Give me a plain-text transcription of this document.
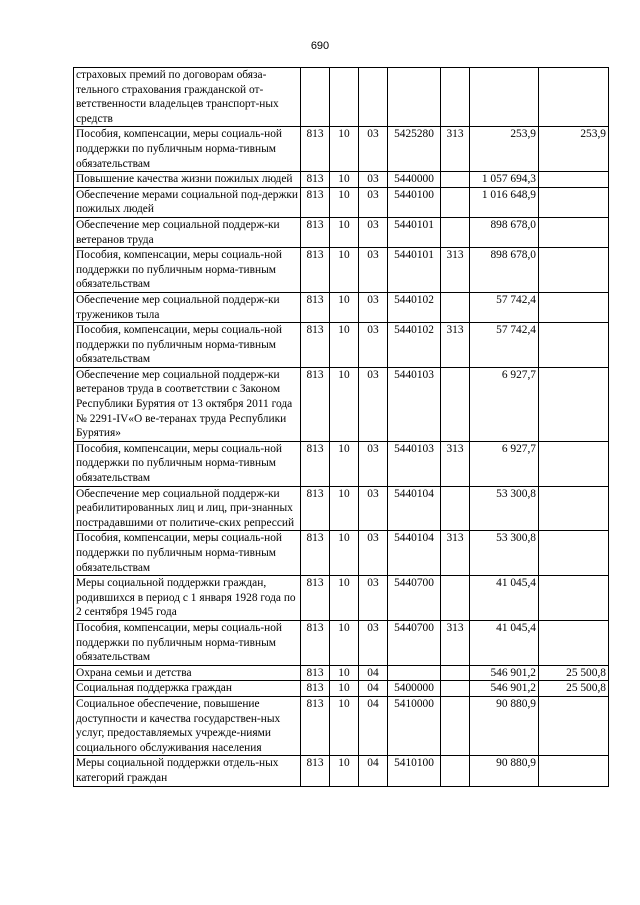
690
страховых премий по договорам обяза-тельного страхования гражданской от-ветственности владельцев транспорт-ных средств							
Пособия, компенсации, меры социаль-ной поддержки по публичным норма-тивным обязательствам	813	10	03	5425280	313	253,9	253,9
Повышение качества жизни пожилых людей	813	10	03	5440000		1 057 694,3	
Обеспечение мерами социальной под-держки пожилых людей	813	10	03	5440100		1 016 648,9	
Обеспечение мер социальной поддерж-ки ветеранов труда	813	10	03	5440101		898 678,0	
Пособия, компенсации, меры социаль-ной поддержки по публичным норма-тивным обязательствам	813	10	03	5440101	313	898 678,0	
Обеспечение мер социальной поддерж-ки тружеников тыла	813	10	03	5440102		57 742,4	
Пособия, компенсации, меры социаль-ной поддержки по публичным норма-тивным обязательствам	813	10	03	5440102	313	57 742,4	
Обеспечение мер социальной поддерж-ки ветеранов труда в соответствии с Законом Республики Бурятия от 13 октября 2011 года № 2291-IV«О ве-теранах труда Республики Бурятия»	813	10	03	5440103		6 927,7	
Пособия, компенсации, меры социаль-ной поддержки по публичным норма-тивным обязательствам	813	10	03	5440103	313	6 927,7	
Обеспечение мер социальной поддерж-ки реабилитированных лиц и лиц, при-знанных пострадавшими от политиче-ских репрессий	813	10	03	5440104		53 300,8	
Пособия, компенсации, меры социаль-ной поддержки по публичным норма-тивным обязательствам	813	10	03	5440104	313	53 300,8	
Меры социальной поддержки граждан, родившихся в период с 1 января 1928 года по 2 сентября 1945 года	813	10	03	5440700		41 045,4	
Пособия, компенсации, меры социаль-ной поддержки по публичным норма-тивным обязательствам	813	10	03	5440700	313	41 045,4	
Охрана семьи и детства	813	10	04			546 901,2	25 500,8
Социальная поддержка граждан	813	10	04	5400000		546 901,2	25 500,8
Социальное обеспечение, повышение доступности и качества государствен-ных услуг, предоставляемых учрежде-ниями социального обслуживания населения	813	10	04	5410000		90 880,9	
Меры социальной поддержки отдель-ных категорий граждан	813	10	04	5410100		90 880,9	
